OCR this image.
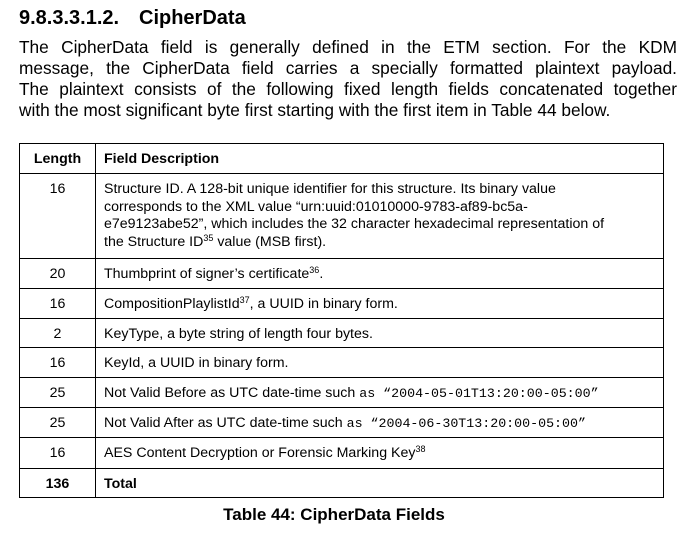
9.8.3.3.1.2. CipherData
The CipherData field is generally defined in the ETM section. For the KDM
message, the CipherData field carries a specially formatted plaintext payload.
The plaintext consists of the following fixed length fields concatenated together
with the most significant byte first starting with the first item in Table 44 below.
Length	Field Description
16	Structure ID. A 128-bit unique identifier for this structure. Its binary value
corresponds to the XML value “urn:uuid:01010000-9783-af89-bc5a-
e7e9123abe52”, which includes the 32 character hexadecimal representation of
the Structure ID$^{35}$ value (MSB first).

20	Thumbprint of signer’s certificate$^{36}$.
16	CompositionPlaylistId$^{37}$, a UUID in binary form.
2	KeyType, a byte string of length four bytes.
16	KeyId, a UUID in binary form.
25	Not Valid Before as UTC date-time such as “2004-05-01T13:20:00-05:00”
25	Not Valid After as UTC date-time such as “2004-06-30T13:20:00-05:00”
16	AES Content Decryption or Forensic Marking Key$^{38}$
136	Total
Table 44: CipherData Fields
